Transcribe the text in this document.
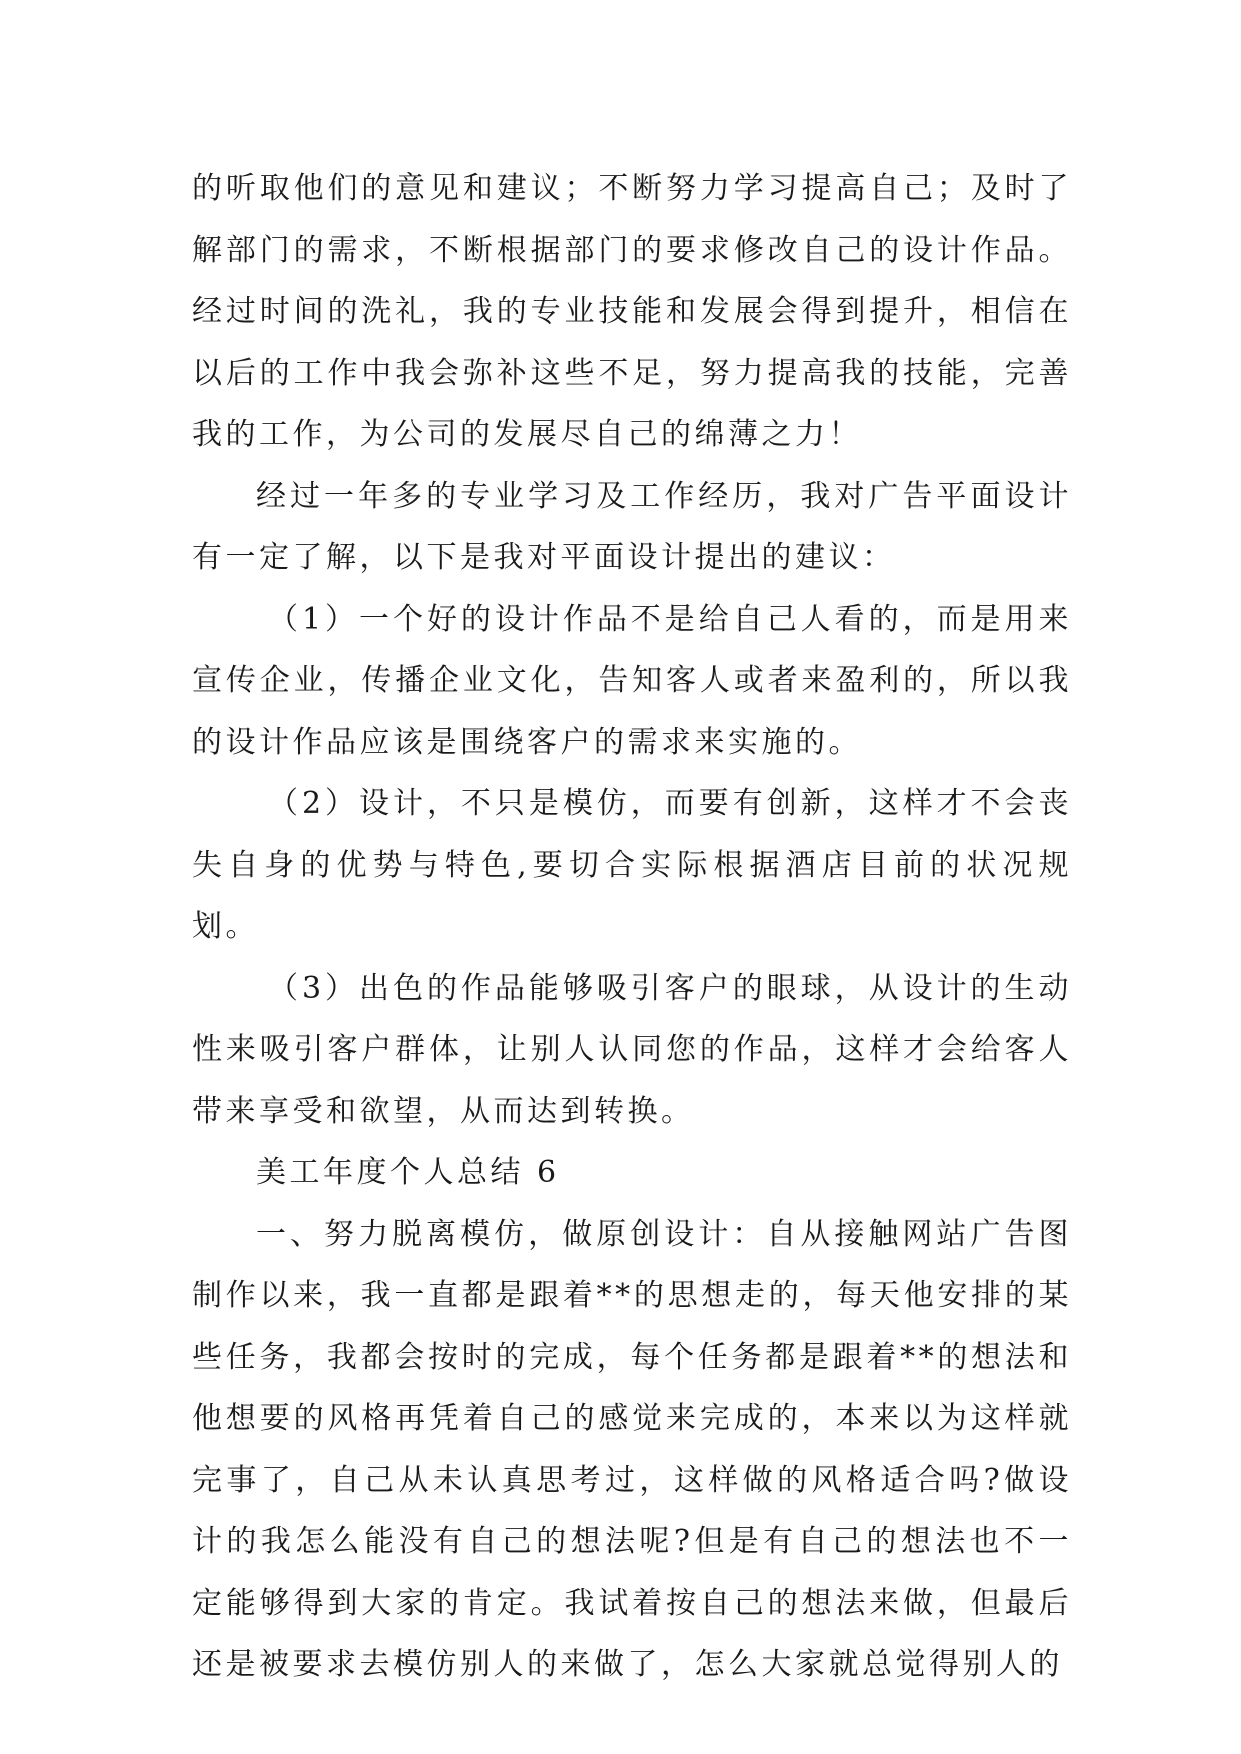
的听取他们的意见和建议；不断努力学习提高自己；及时了解部门的需求，不断根据部门的要求修改自己的设计作品。经过时间的洗礼，我的专业技能和发展会得到提升，相信在以后的工作中我会弥补这些不足，努力提高我的技能，完善我的工作，为公司的发展尽自己的绵薄之力！

经过一年多的专业学习及工作经历，我对广告平面设计有一定了解，以下是我对平面设计提出的建议：

（1）一个好的设计作品不是给自己人看的，而是用来宣传企业，传播企业文化，告知客人或者来盈利的，所以我的设计作品应该是围绕客户的需求来实施的。

（2）设计，不只是模仿，而要有创新，这样才不会丧失自身的优势与特色,要切合实际根据酒店目前的状况规划。

（3）出色的作品能够吸引客户的眼球，从设计的生动性来吸引客户群体，让别人认同您的作品，这样才会给客人带来享受和欲望，从而达到转换。

美工年度个人总结 6

一、努力脱离模仿，做原创设计：自从接触网站广告图制作以来，我一直都是跟着**的思想走的，每天他安排的某些任务，我都会按时的完成，每个任务都是跟着**的想法和他想要的风格再凭着自己的感觉来完成的，本来以为这样就完事了，自己从未认真思考过，这样做的风格适合吗?做设计的我怎么能没有自己的想法呢?但是有自己的想法也不一定能够得到大家的肯定。我试着按自己的想法来做，但最后还是被要求去模仿别人的来做了，怎么大家就总觉得别人的
